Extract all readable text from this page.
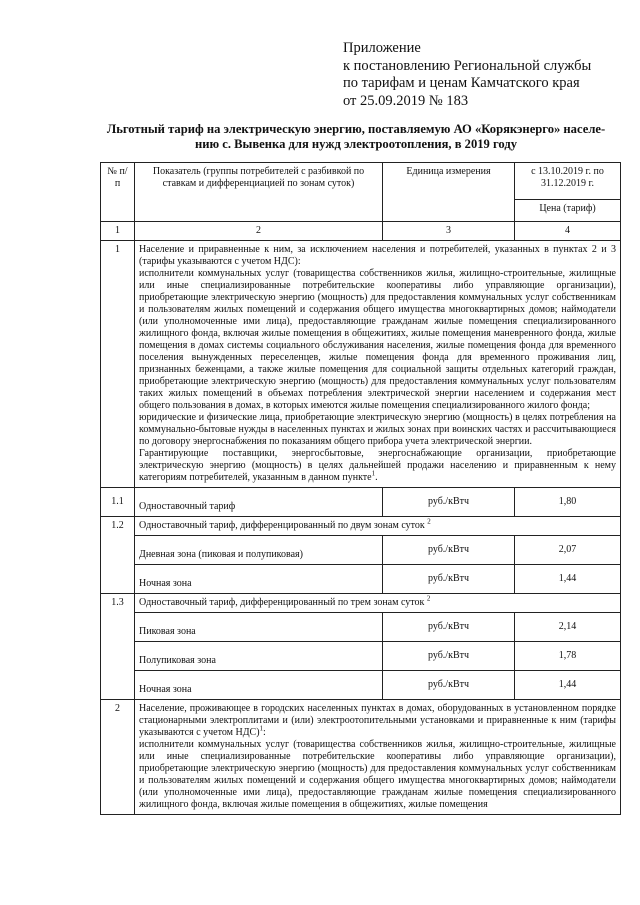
Приложение
к постановлению Региональной службы
по тарифам и ценам Камчатского края
от 25.09.2019 № 183
Льготный тариф на электрическую энергию, поставляемую АО «Корякэнерго» населе-
нию с. Вывенка для нужд электроотопления, в 2019 году
№ п/п	Показатель (группы потребителей с разбивкой по ставкам и дифференциацией по зонам суток)	Единица измерения	с 13.10.2019 г. по 31.12.2019 г.
			Цена (тариф)
1	2	3	4
1	Население и приравненные к ним, за исключением населения и потребителей, указанных в пунктах 2 и 3 (тарифы указываются с учетом НДС):

исполнители коммунальных услуг (товарищества собственников жилья, жилищно-строительные, жилищные или иные специализированные потребительские кооперативы либо управляющие организации), приобретающие электрическую энергию (мощность) для предоставления коммунальных услуг собственникам и пользователям жилых помещений и содержания общего имущества многоквартирных домов; наймодатели (или уполномоченные ими лица), предоставляющие гражданам жилые помещения специализированного жилищного фонда, включая жилые помещения в общежитиях, жилые помещения маневренного фонда, жилые помещения в домах системы социального обслуживания населения, жилые помещения фонда для временного поселения вынужденных переселенцев, жилые помещения фонда для временного проживания лиц, признанных беженцами, а также жилые помещения для социальной защиты отдельных категорий граждан, приобретающие электрическую энергию (мощность) для предоставления коммунальных услуг пользователям таких жилых помещений в объемах потребления электрической энергии населением и содержания мест общего пользования в домах, в которых имеются жилые помещения специализированного жилого фонда;

юридические и физические лица, приобретающие электрическую энергию (мощность) в целях потребления на коммунально-бытовые нужды в населенных пунктах и жилых зонах при воинских частях и рассчитывающиеся по договору энергоснабжения по показаниям общего прибора учета электрической энергии.

Гарантирующие поставщики, энергосбытовые, энергоснабжающие организации, приобретающие электрическую энергию (мощность) в целях дальнейшей продажи населению и приравненным к нему категориям потребителей, указанным в данном пункте$^1$.		

1.1	Одноставочный тариф	руб./кВтч	1,80
1.2	Одноставочный тариф, дифференцированный по двум зонам суток $^2$
	Дневная зона (пиковая и полупиковая)	руб./кВтч	2,07
	Ночная зона	руб./кВтч	1,44
1.3	Одноставочный тариф, дифференцированный по трем зонам суток $^2$
	Пиковая зона	руб./кВтч	2,14
	Полупиковая зона	руб./кВтч	1,78
	Ночная зона	руб./кВтч	1,44
2	Население, проживающее в городских населенных пунктах в домах, оборудованных в установленном порядке стационарными электроплитами и (или) электроотопительными установками и приравненные к ним (тарифы указываются с учетом НДС)$^1$:

исполнители коммунальных услуг (товарищества собственников жилья, жилищно-строительные, жилищные или иные специализированные потребительские кооперативы либо управляющие организации), приобретающие электрическую энергию (мощность) для предоставления коммунальных услуг собственникам и пользователям жилых помещений и содержания общего имущества многоквартирных домов; наймодатели (или уполномоченные ими лица), предоставляющие гражданам жилые помещения специализированного жилищного фонда, включая жилые помещения в общежитиях, жилые помещения		
